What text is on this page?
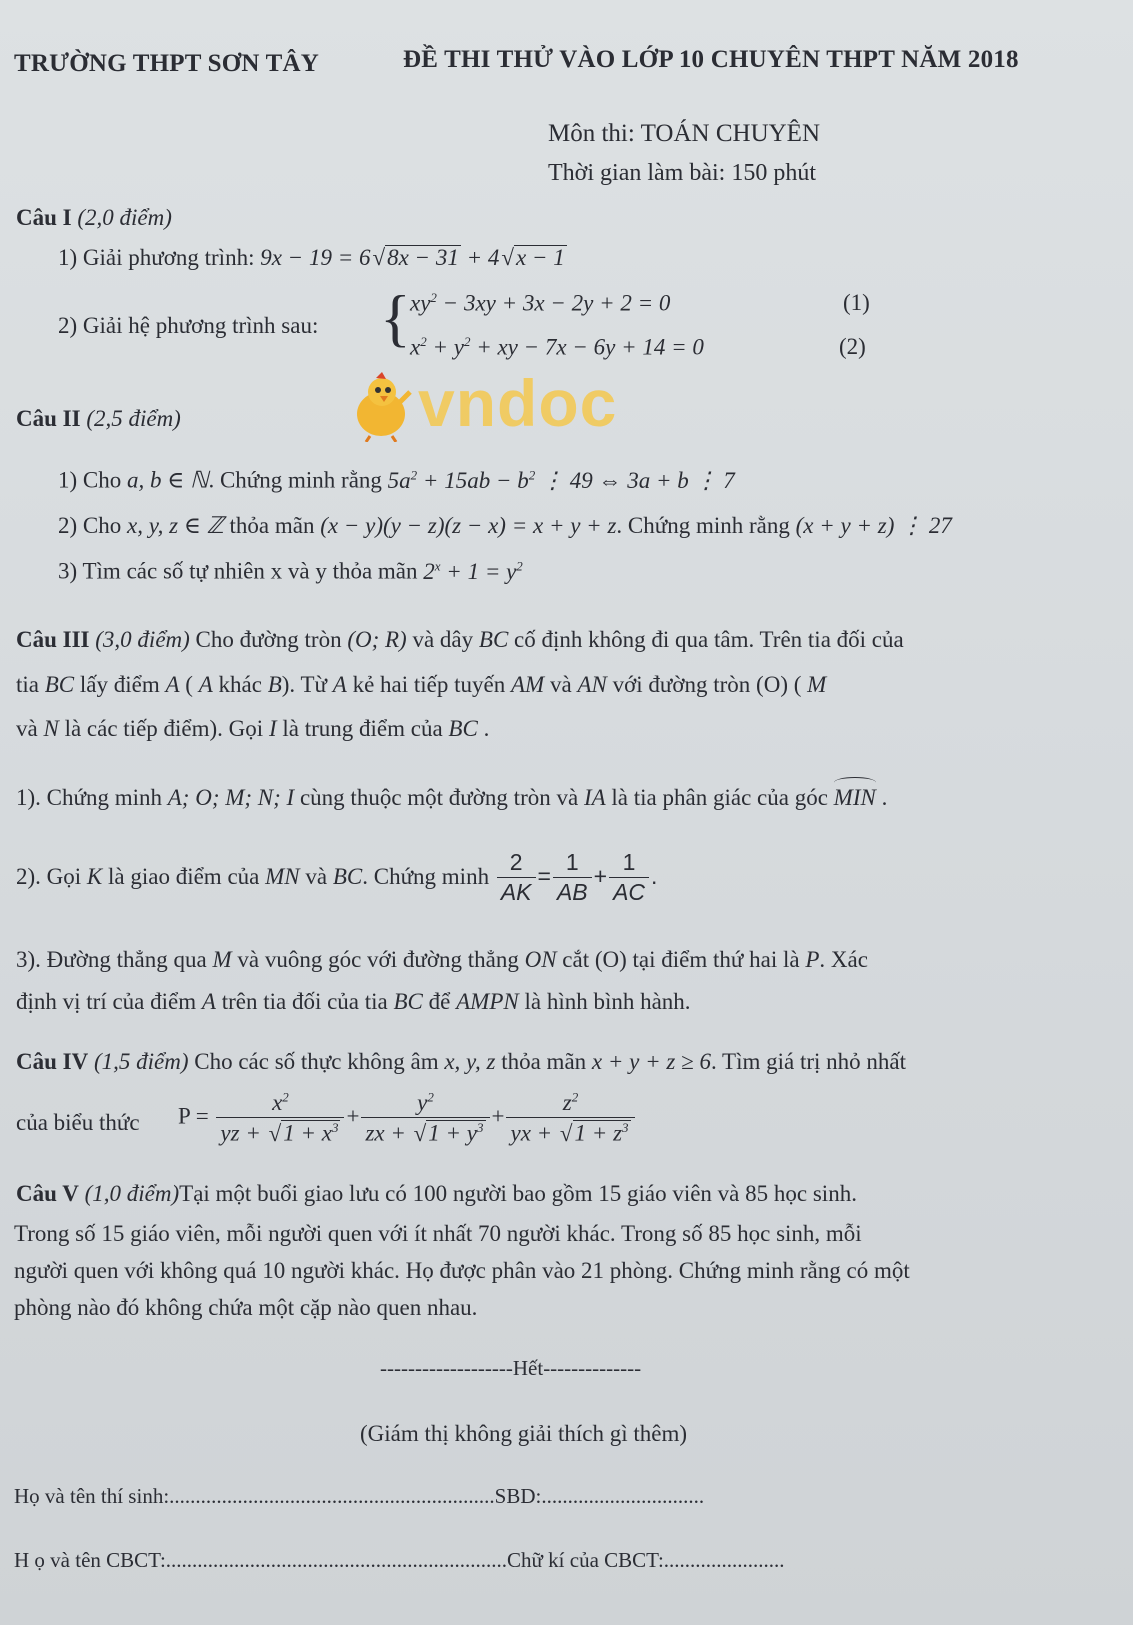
TRƯỜNG THPT SƠN TÂY	ĐỀ THI THỬ VÀO LỚP 10 CHUYÊN THPT NĂM 2018
Môn thi: TOÁN CHUYÊN
Thời gian làm bài: 150 phút
Câu I (2,0 điểm)
1) Giải phương trình: 9x − 19 = 6√8x − 31 + 4√x − 1
2) Giải hệ phương trình sau: { $xy^2 - 3xy + 3x - 2y + 2 = 0$
$x^2 + y^2$ + xy − 7x − 6y + 14 = 0
(1)
(2)
vndoc
Câu II (2,5 điểm)
1) Cho a, b ∈ ℕ. Chứng minh rằng $5a^2 + 15ab - b^2$ ⋮ 49 ⇔ 3a + b ⋮ 7
2) Cho x, y, z ∈ ℤ thỏa mãn (x − y)(y − z)(z − x) = x + y + z. Chứng minh rằng (x + y + z) ⋮ 27
3) Tìm các số tự nhiên x và y thỏa mãn $2^x + 1 = y^2$
Câu III (3,0 điểm) Cho đường tròn (O; R) và dây BC cố định không đi qua tâm. Trên tia đối của
tia BC lấy điểm A ( A khác B). Từ A kẻ hai tiếp tuyến AM và AN với đường tròn (O) ( M
và N là các tiếp điểm). Gọi I là trung điểm của BC .
1). Chứng minh A; O; M; N; I cùng thuộc một đường tròn và IA là tia phân giác của góc MIN .
2). Gọi K là giao điểm của MN và BC. Chứng minh $\frac{2}{AK} = \frac{1}{AB} + \frac{1}{AC}$ .
3). Đường thẳng qua M và vuông góc với đường thẳng ON cắt (O) tại điểm thứ hai là P. Xác
định vị trí của điểm A trên tia đối của tia BC để AMPN là hình bình hành.
Câu IV (1,5 điểm) Cho các số thực không âm x, y, z thỏa mãn x + y + z ≥ 6. Tìm giá trị nhỏ nhất
của biểu thức $P = \frac{x^2}{yz + √1 + x^3} + \frac{y^2}{zx + √1 + y^3} + \frac{z^2}{yx + √1 + z^3}$
Câu V (1,0 điểm)Tại một buổi giao lưu có 100 người bao gồm 15 giáo viên và 85 học sinh.
Trong số 15 giáo viên, mỗi người quen với ít nhất 70 người khác. Trong số 85 học sinh, mỗi
người quen với không quá 10 người khác. Họ được phân vào 21 phòng. Chứng minh rằng có một
phòng nào đó không chứa một cặp nào quen nhau.
-------------------Hết--------------
(Giám thị không giải thích gì thêm)
Họ và tên thí sinh:..............................................................SBD:...............................
H ọ và tên CBCT:.................................................................Chữ kí của CBCT:.......................
